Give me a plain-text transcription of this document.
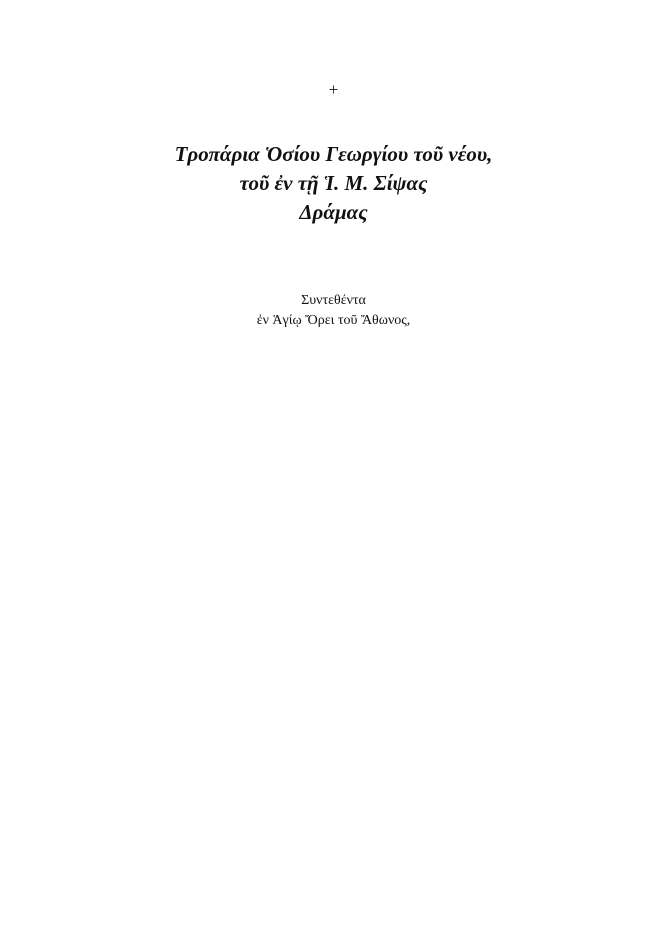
+
Τροπάρια Ὁσίου Γεωργίου τοῦ νέου,
τοῦ ἐν τῇ Ἱ. Μ. Σίψας
Δράμας
Συντεθέντα
ἐν Ἁγίῳ Ὄρει τοῦ Ἄθωνος,
